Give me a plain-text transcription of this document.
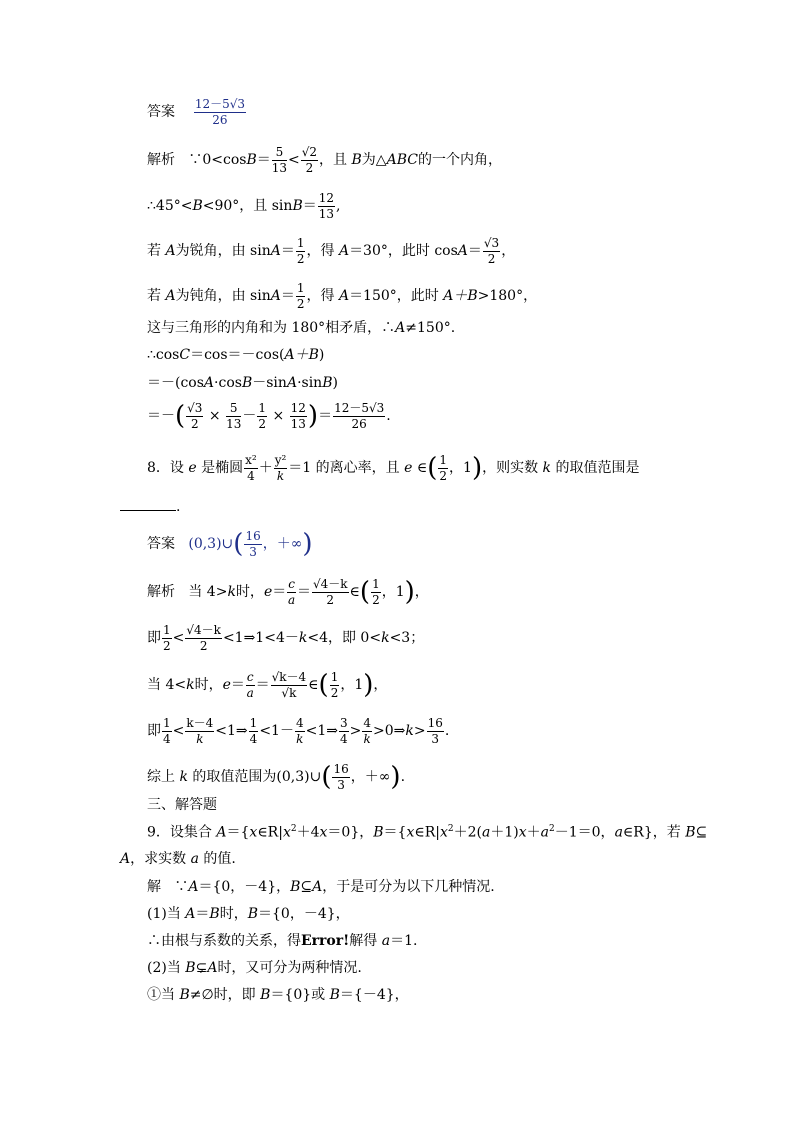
答案 $\frac{12-5√3}{26}$
解析 ∵0<cosB＝ $\frac{5}{13} < \frac{√2}{2}$ ，且 B为△ABC的一个内角，
∴45°<B<90°，且 $\sin B= \frac{12}{13}$ ,
若 A为锐角，由 $\sin A= \frac{1}{2}$ ，得 A＝30°，此时 $\cos A= \frac{√3}{2}$ ，
若 A为钝角，由 $\sin A= \frac{1}{2}$ ，得 A＝150°，此时 A＋B>180°，
这与三角形的内角和为 180°相矛盾，∴A≠150°.
∴cosC＝cos＝－cos(A＋B)
＝－(cosA·cosB－sinA·sinB)
＝－( $\frac{√3}{2} \times \frac{5}{13} - \frac{1}{2} \times \frac{12}{13}$ )＝ $\frac{12-5√3}{26}$ .
8．设 e 是椭圆 $\frac{\text{x²}}{4} + \frac{\text{y²}}{k} =1$ 的离心率，且 e ∈( $\frac{1}{2}$ ，1)，则实数 k 的取值范围是
.
答案 (0,3)∪( $\frac{16}{3}$ ，＋∞)
解析 当 4>k时，$e= \frac{c}{a} = \frac{√4-k}{2}$ ∈( $\frac{1}{2}$ ，1)，
即 $\frac{1}{2} < \frac{√4-k}{2}$ <1⇒1<4－k<4，即 0<k<3；
当 4<k时，$e= \frac{c}{a} = \frac{√k-4}{√k}$ ∈( $\frac{1}{2}$ ，1)，
即 $\frac{1}{4} < \frac{k-4}{k}$ <1⇒ $\frac{1}{4} <1- \frac{4}{k}$ <1⇒ $\frac{3}{4} > \frac{4}{k}$ >0⇒k> $\frac{16}{3}$ .
综上 k 的取值范围为(0,3)∪( $\frac{16}{3}$ ，＋∞).
三、解答题
9．设集合 $A=\{x\in R|x^2+4x=0\}$，$B=\{x\in R|x^2+2(a+1)x+a^2-1=0$，a∈R}，若 B⊆
A，求实数 a 的值.
解 ∵A＝{0，－4}，B⊆A，于是可分为以下几种情况.
(1)当 A＝B时，B＝{0，－4}，
∴由根与系数的关系，得Error!解得 a＝1.
(2)当 B⊊A时，又可分为两种情况.
①当 B≠∅时，即 B＝{0}或 B＝{－4}，
